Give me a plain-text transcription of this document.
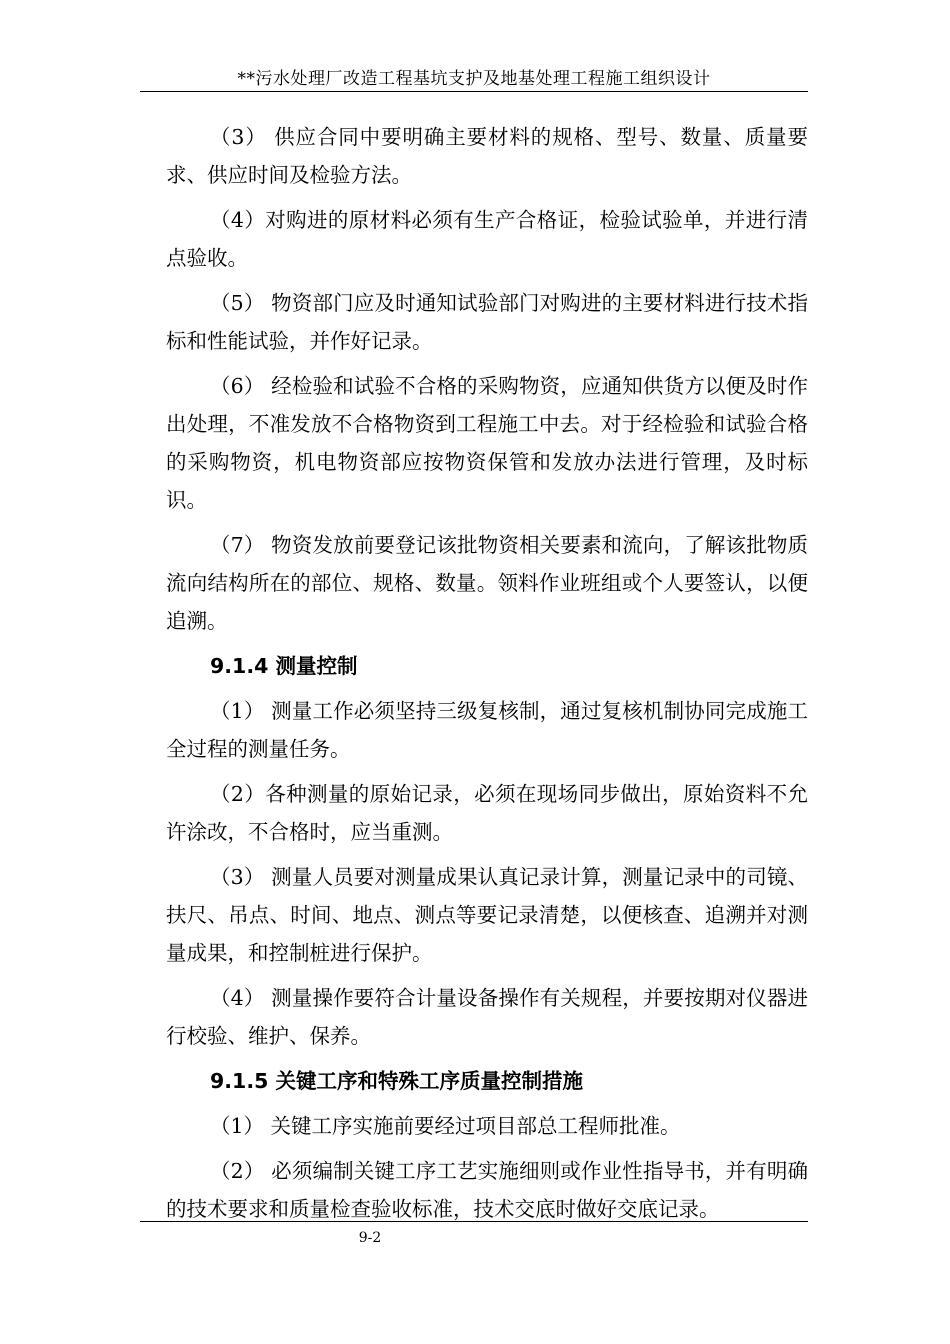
**污水处理厂改造工程基坑支护及地基处理工程施工组织设计

（3） 供应合同中要明确主要材料的规格、型号、数量、质量要求、供应时间及检验方法。

（4）对购进的原材料必须有生产合格证，检验试验单，并进行清点验收。

（5） 物资部门应及时通知试验部门对购进的主要材料进行技术指标和性能试验，并作好记录。

（6） 经检验和试验不合格的采购物资，应通知供货方以便及时作出处理，不准发放不合格物资到工程施工中去。对于经检验和试验合格的采购物资，机电物资部应按物资保管和发放办法进行管理，及时标识。

（7） 物资发放前要登记该批物资相关要素和流向，了解该批物质流向结构所在的部位、规格、数量。领料作业班组或个人要签认，以便追溯。

9.1.4 测量控制

（1） 测量工作必须坚持三级复核制，通过复核机制协同完成施工全过程的测量任务。

（2）各种测量的原始记录，必须在现场同步做出，原始资料不允许涂改，不合格时，应当重测。

（3） 测量人员要对测量成果认真记录计算，测量记录中的司镜、扶尺、吊点、时间、地点、测点等要记录清楚，以便核查、追溯并对测量成果，和控制桩进行保护。

（4） 测量操作要符合计量设备操作有关规程，并要按期对仪器进行校验、维护、保养。

9.1.5 关键工序和特殊工序质量控制措施

（1） 关键工序实施前要经过项目部总工程师批准。

（2） 必须编制关键工序工艺实施细则或作业性指导书，并有明确的技术要求和质量检查验收标准，技术交底时做好交底记录。

9-2
